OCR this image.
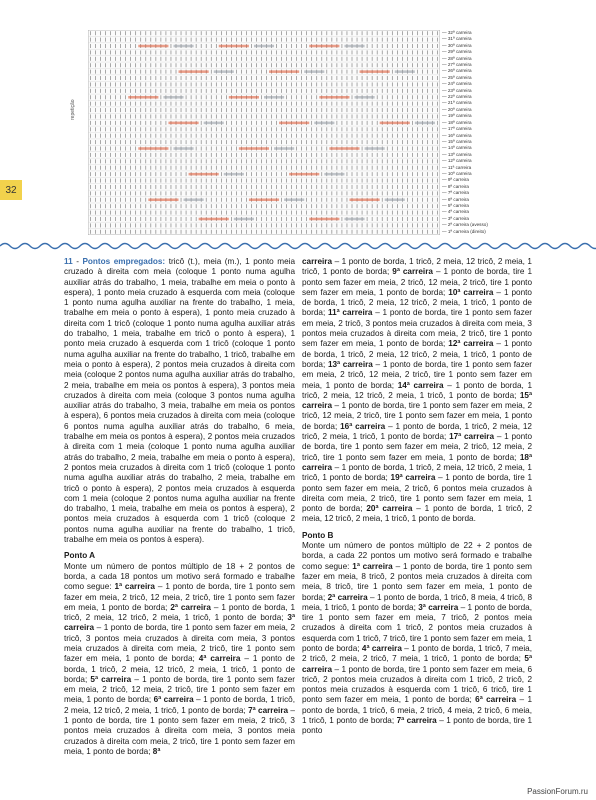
— 32ª carreira
— 31ª carreira
— 30ª carreira
— 29ª carreira
— 28ª carreira
— 27ª carreira
— 26ª carreira
— 25ª carreira
— 24ª carreira
— 23ª carreira
— 22ª carreira
— 21ª carreira
— 20ª carreira
— 19ª carreira
— 18ª carreira
— 17ª carreira
— 16ª carreira
— 15ª carreira
— 14ª carreira
— 13ª carreira
— 12ª carreira
— 11ª carreira
— 10ª carreira
— 9ª carreira
— 8ª carreira
— 7ª carreira
— 6ª carreira
— 5ª carreira
— 4ª carreira
— 3ª carreira
— 2ª carreira (avesso)
— 1ª carreira (direito)
repetição
32

11 - Pontos empregados: tricô (t.), meia (m.), 1 ponto meia cruzado à direita com meia (coloque 1 ponto numa agulha auxiliar atrás do trabalho, 1 meia, trabalhe em meia o ponto à espera), 1 ponto meia cruzado à esquerda com meia (coloque 1 ponto numa agulha auxiliar na frente do trabalho, 1 meia, trabalhe em meia o ponto à espera), 1 ponto meia cruzado à direita com 1 tricô (coloque 1 ponto numa agulha auxiliar atrás do trabalho, 1 meia, trabalhe em tricô o ponto à espera), 1 ponto meia cruzado à esquerda com 1 tricô (coloque 1 ponto numa agulha auxiliar na frente do trabalho, 1 tricô, trabalhe em meia o ponto à espera), 2 pontos meia cruzados à direita com meia (coloque 2 pontos numa agulha auxiliar atrás do trabalho, 2 meia, trabalhe em meia os pontos à espera), 3 pontos meia cruzados à direita com meia (coloque 3 pontos numa agulha auxiliar atrás do trabalho, 3 meia, trabalhe em meia os pontos à espera), 6 pontos meia cruzados à direita com meia (coloque 6 pontos numa agulha auxiliar atrás do trabalho, 6 meia, trabalhe em meia os pontos à espera), 2 pontos meia cruzados à direita com 1 meia (coloque 1 ponto numa agulha auxiliar atrás do trabalho, 2 meia, trabalhe em meia o ponto à espera), 2 pontos meia cruzados à direita com 1 tricô (coloque 1 ponto numa agulha auxiliar atrás do trabalho, 2 meia, trabalhe em tricô o ponto à espera), 2 pontos meia cruzados à esquerda com 1 meia (coloque 2 pontos numa agulha auxiliar na frente do trabalho, 1 meia, trabalhe em meia os pontos à espera), 2 pontos meia cruzados à esquerda com 1 tricô (coloque 2 pontos numa agulha auxiliar na frente do trabalho, 1 tricô, trabalhe em meia os pontos à espera).

Ponto A

Monte um número de pontos múltiplo de 18 + 2 pontos de borda, a cada 18 pontos um motivo será formado e trabalhe como segue: 1ª carreira – 1 ponto de borda, tire 1 ponto sem fazer em meia, 2 tricô, 12 meia, 2 tricô, tire 1 ponto sem fazer em meia, 1 ponto de borda; 2ª carreira – 1 ponto de borda, 1 tricô, 2 meia, 12 tricô, 2 meia, 1 tricô, 1 ponto de borda; 3ª carreira – 1 ponto de borda, tire 1 ponto sem fazer em meia, 2 tricô, 3 pontos meia cruzados à direita com meia, 3 pontos meia cruzados à direita com meia, 2 tricô, tire 1 ponto sem fazer em meia, 1 ponto de borda; 4ª carreira – 1 ponto de borda, 1 tricô, 2 meia, 12 tricô, 2 meia, 1 tricô, 1 ponto de borda; 5ª carreira – 1 ponto de borda, tire 1 ponto sem fazer em meia, 2 tricô, 12 meia, 2 tricô, tire 1 ponto sem fazer em meia, 1 ponto de borda; 6ª carreira – 1 ponto de borda, 1 tricô, 2 meia, 12 tricô, 2 meia, 1 tricô, 1 ponto de borda; 7ª carreira – 1 ponto de borda, tire 1 ponto sem fazer em meia, 2 tricô, 3 pontos meia cruzados à direita com meia, 3 pontos meia cruzados à direita com meia, 2 tricô, tire 1 ponto sem fazer em meia, 1 ponto de borda; 8ª

carreira – 1 ponto de borda, 1 tricô, 2 meia, 12 tricô, 2 meia, 1 tricô, 1 ponto de borda; 9ª carreira – 1 ponto de borda, tire 1 ponto sem fazer em meia, 2 tricô, 12 meia, 2 tricô, tire 1 ponto sem fazer em meia, 1 ponto de borda; 10ª carreira – 1 ponto de borda, 1 tricô, 2 meia, 12 tricô, 2 meia, 1 tricô, 1 ponto de borda; 11ª carreira – 1 ponto de borda, tire 1 ponto sem fazer em meia, 2 tricô, 3 pontos meia cruzados à direita com meia, 3 pontos meia cruzados à direita com meia, 2 tricô, tire 1 ponto sem fazer em meia, 1 ponto de borda; 12ª carreira – 1 ponto de borda, 1 tricô, 2 meia, 12 tricô, 2 meia, 1 tricô, 1 ponto de borda; 13ª carreira – 1 ponto de borda, tire 1 ponto sem fazer em meia, 2 tricô, 12 meia, 2 tricô, tire 1 ponto sem fazer em meia, 1 ponto de borda; 14ª carreira – 1 ponto de borda, 1 tricô, 2 meia, 12 tricô, 2 meia, 1 tricô, 1 ponto de borda; 15ª carreira – 1 ponto de borda, tire 1 ponto sem fazer em meia, 2 tricô, 12 meia, 2 tricô, tire 1 ponto sem fazer em meia, 1 ponto de borda; 16ª carreira – 1 ponto de borda, 1 tricô, 2 meia, 12 tricô, 2 meia, 1 tricô, 1 ponto de borda; 17ª carreira – 1 ponto de borda, tire 1 ponto sem fazer em meia, 2 tricô, 12 meia, 2 tricô, tire 1 ponto sem fazer em meia, 1 ponto de borda; 18ª carreira – 1 ponto de borda, 1 tricô, 2 meia, 12 tricô, 2 meia, 1 tricô, 1 ponto de borda; 19ª carreira – 1 ponto de borda, tire 1 ponto sem fazer em meia, 2 tricô, 6 pontos meia cruzados à direita com meia, 2 tricô, tire 1 ponto sem fazer em meia, 1 ponto de borda; 20ª carreira – 1 ponto de borda, 1 tricô, 2 meia, 12 tricô, 2 meia, 1 tricô, 1 ponto de borda.

Ponto B

Monte um número de pontos múltiplo de 22 + 2 pontos de borda, a cada 22 pontos um motivo será formado e trabalhe como segue: 1ª carreira – 1 ponto de borda, tire 1 ponto sem fazer em meia, 8 tricô, 2 pontos meia cruzados à direita com meia, 8 tricô, tire 1 ponto sem fazer em meia, 1 ponto de borda; 2ª carreira – 1 ponto de borda, 1 tricô, 8 meia, 4 tricô, 8 meia, 1 tricô, 1 ponto de borda; 3ª carreira – 1 ponto de borda, tire 1 ponto sem fazer em meia, 7 tricô, 2 pontos meia cruzados à direita com 1 tricô, 2 pontos meia cruzados à esquerda com 1 tricô, 7 tricô, tire 1 ponto sem fazer em meia, 1 ponto de borda; 4ª carreira – 1 ponto de borda, 1 tricô, 7 meia, 2 tricô, 2 meia, 2 tricô, 7 meia, 1 tricô, 1 ponto de borda; 5ª carreira – 1 ponto de borda, tire 1 ponto sem fazer em meia, 6 tricô, 2 pontos meia cruzados à direita com 1 tricô, 2 tricô, 2 pontos meia cruzados à esquerda com 1 tricô, 6 tricô, tire 1 ponto sem fazer em meia, 1 ponto de borda; 6ª carreira – 1 ponto de borda, 1 tricô, 6 meia, 2 tricô, 4 meia, 2 tricô, 6 meia, 1 tricô, 1 ponto de borda; 7ª carreira – 1 ponto de borda, tire 1 ponto

PassionForum.ru
